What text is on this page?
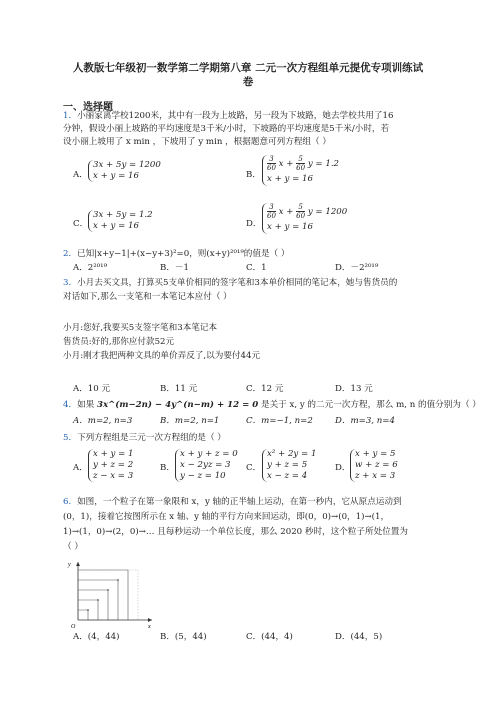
人教版七年级初一数学第二学期第八章 二元一次方程组单元提优专项训练试
卷
一、选择题
1．小丽家离学校1200米，其中有一段为上坡路，另一段为下坡路，她去学校共用了16
分钟，假设小丽上坡路的平均速度是3千米/小时，下坡路的平均速度是5千米/小时，若
设小丽上坡用了 x min ，下坡用了 y min ，根据题意可列方程组（ ）
A．
3x + 5y = 1200
x + y = 16	B．
$\frac{3}{60}$ $x + \frac{5}{60}$ y = 1.2
x + y = 16
C．
3x + 5y = 1.2
x + y = 16	D．
$\frac{3}{60}$ $x + \frac{5}{60}$ y = 1200
x + y = 16
2．已知|x+y−1|+(x−y+3)²=0，则(x+y)²⁰¹⁹的值是（ ）
A．2²⁰¹⁹	B．－1	C．1	D．－2²⁰¹⁹
3．小月去买文具，打算买5支单价相同的签字笔和3本单价相同的笔记本，她与售货员的
对话如下,那么一支笔和一本笔记本应付（ ）
小月:您好,我要买5支签字笔和3本笔记本
售货员:好的,那你应付款52元
小月:刚才我把两种文具的单价弄反了,以为要付44元
A．10 元	B．11 元	C．12 元	D．13 元
4．如果 3x^(m−2n) − 4y^(n−m) + 12 = 0 是关于 x, y 的二元一次方程，那么 m, n 的值分别为（ ）
A．m=2, n=3	B．m=2, n=1	C．m=−1, n=2	D．m=3, n=4
5．下列方程组是三元一次方程组的是（ ）
A．
x + y = 1
y + z = 2
z − x = 3
B．
x + y + z = 0
x − 2yz = 3
y − z = 10
C．
x² + 2y = 1
y + z = 5
x − z = 4
D．
x + y = 5
w + z = 6
z + x = 3
6．如图，一个粒子在第一象限和 x，y 轴的正半轴上运动，在第一秒内，它从原点运动到
(0，1)，接着它按图所示在 x 轴、y 轴的平行方向来回运动，即(0，0)→(0，1)→(1，
1)→(1，0)→(2，0)→… 且每秒运动一个单位长度，那么 2020 秒时，这个粒子所处位置为
（ ）
y
x
O
A．(4，44)	B．(5，44)	C．(44，4)	D．(44，5)
